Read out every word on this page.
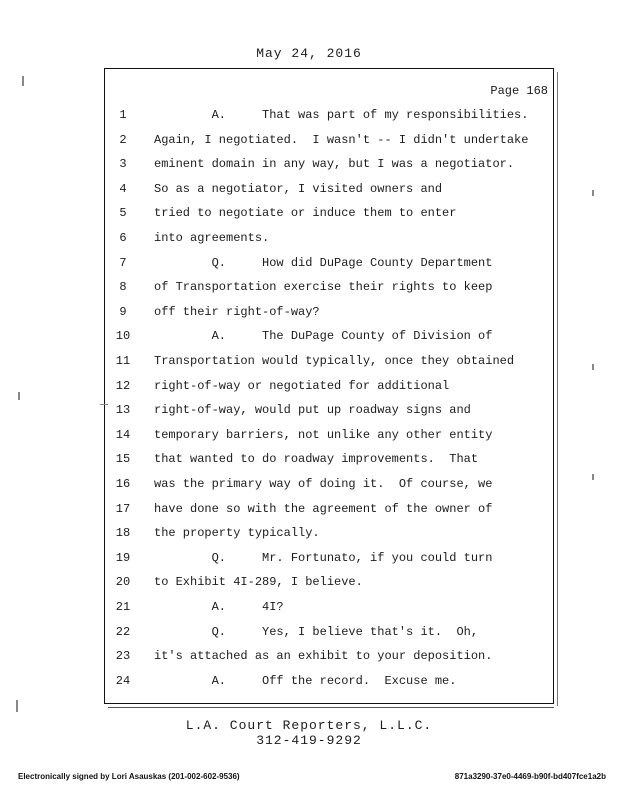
May 24, 2016
Page 168
1	A.     That was part of my responsibilities.
2	Again, I negotiated.  I wasn't -- I didn't undertake
3	eminent domain in any way, but I was a negotiator.
4	So as a negotiator, I visited owners and
5	tried to negotiate or induce them to enter
6	into agreements.
7	Q.     How did DuPage County Department
8	of Transportation exercise their rights to keep
9	off their right-of-way?
10	A.     The DuPage County of Division of
11	Transportation would typically, once they obtained
12	right-of-way or negotiated for additional
13	right-of-way, would put up roadway signs and
14	temporary barriers, not unlike any other entity
15	that wanted to do roadway improvements.  That
16	was the primary way of doing it.  Of course, we
17	have done so with the agreement of the owner of
18	the property typically.
19	Q.     Mr. Fortunato, if you could turn
20	to Exhibit 4I-289, I believe.
21	A.     4I?
22	Q.     Yes, I believe that's it.  Oh,
23	it's attached as an exhibit to your deposition.
24	A.     Off the record.  Excuse me.
L.A. Court Reporters, L.L.C.
312-419-9292
Electronically signed by Lori Asauskas (201-002-602-9536)	871a3290-37e0-4469-b90f-bd407fce1a2b
